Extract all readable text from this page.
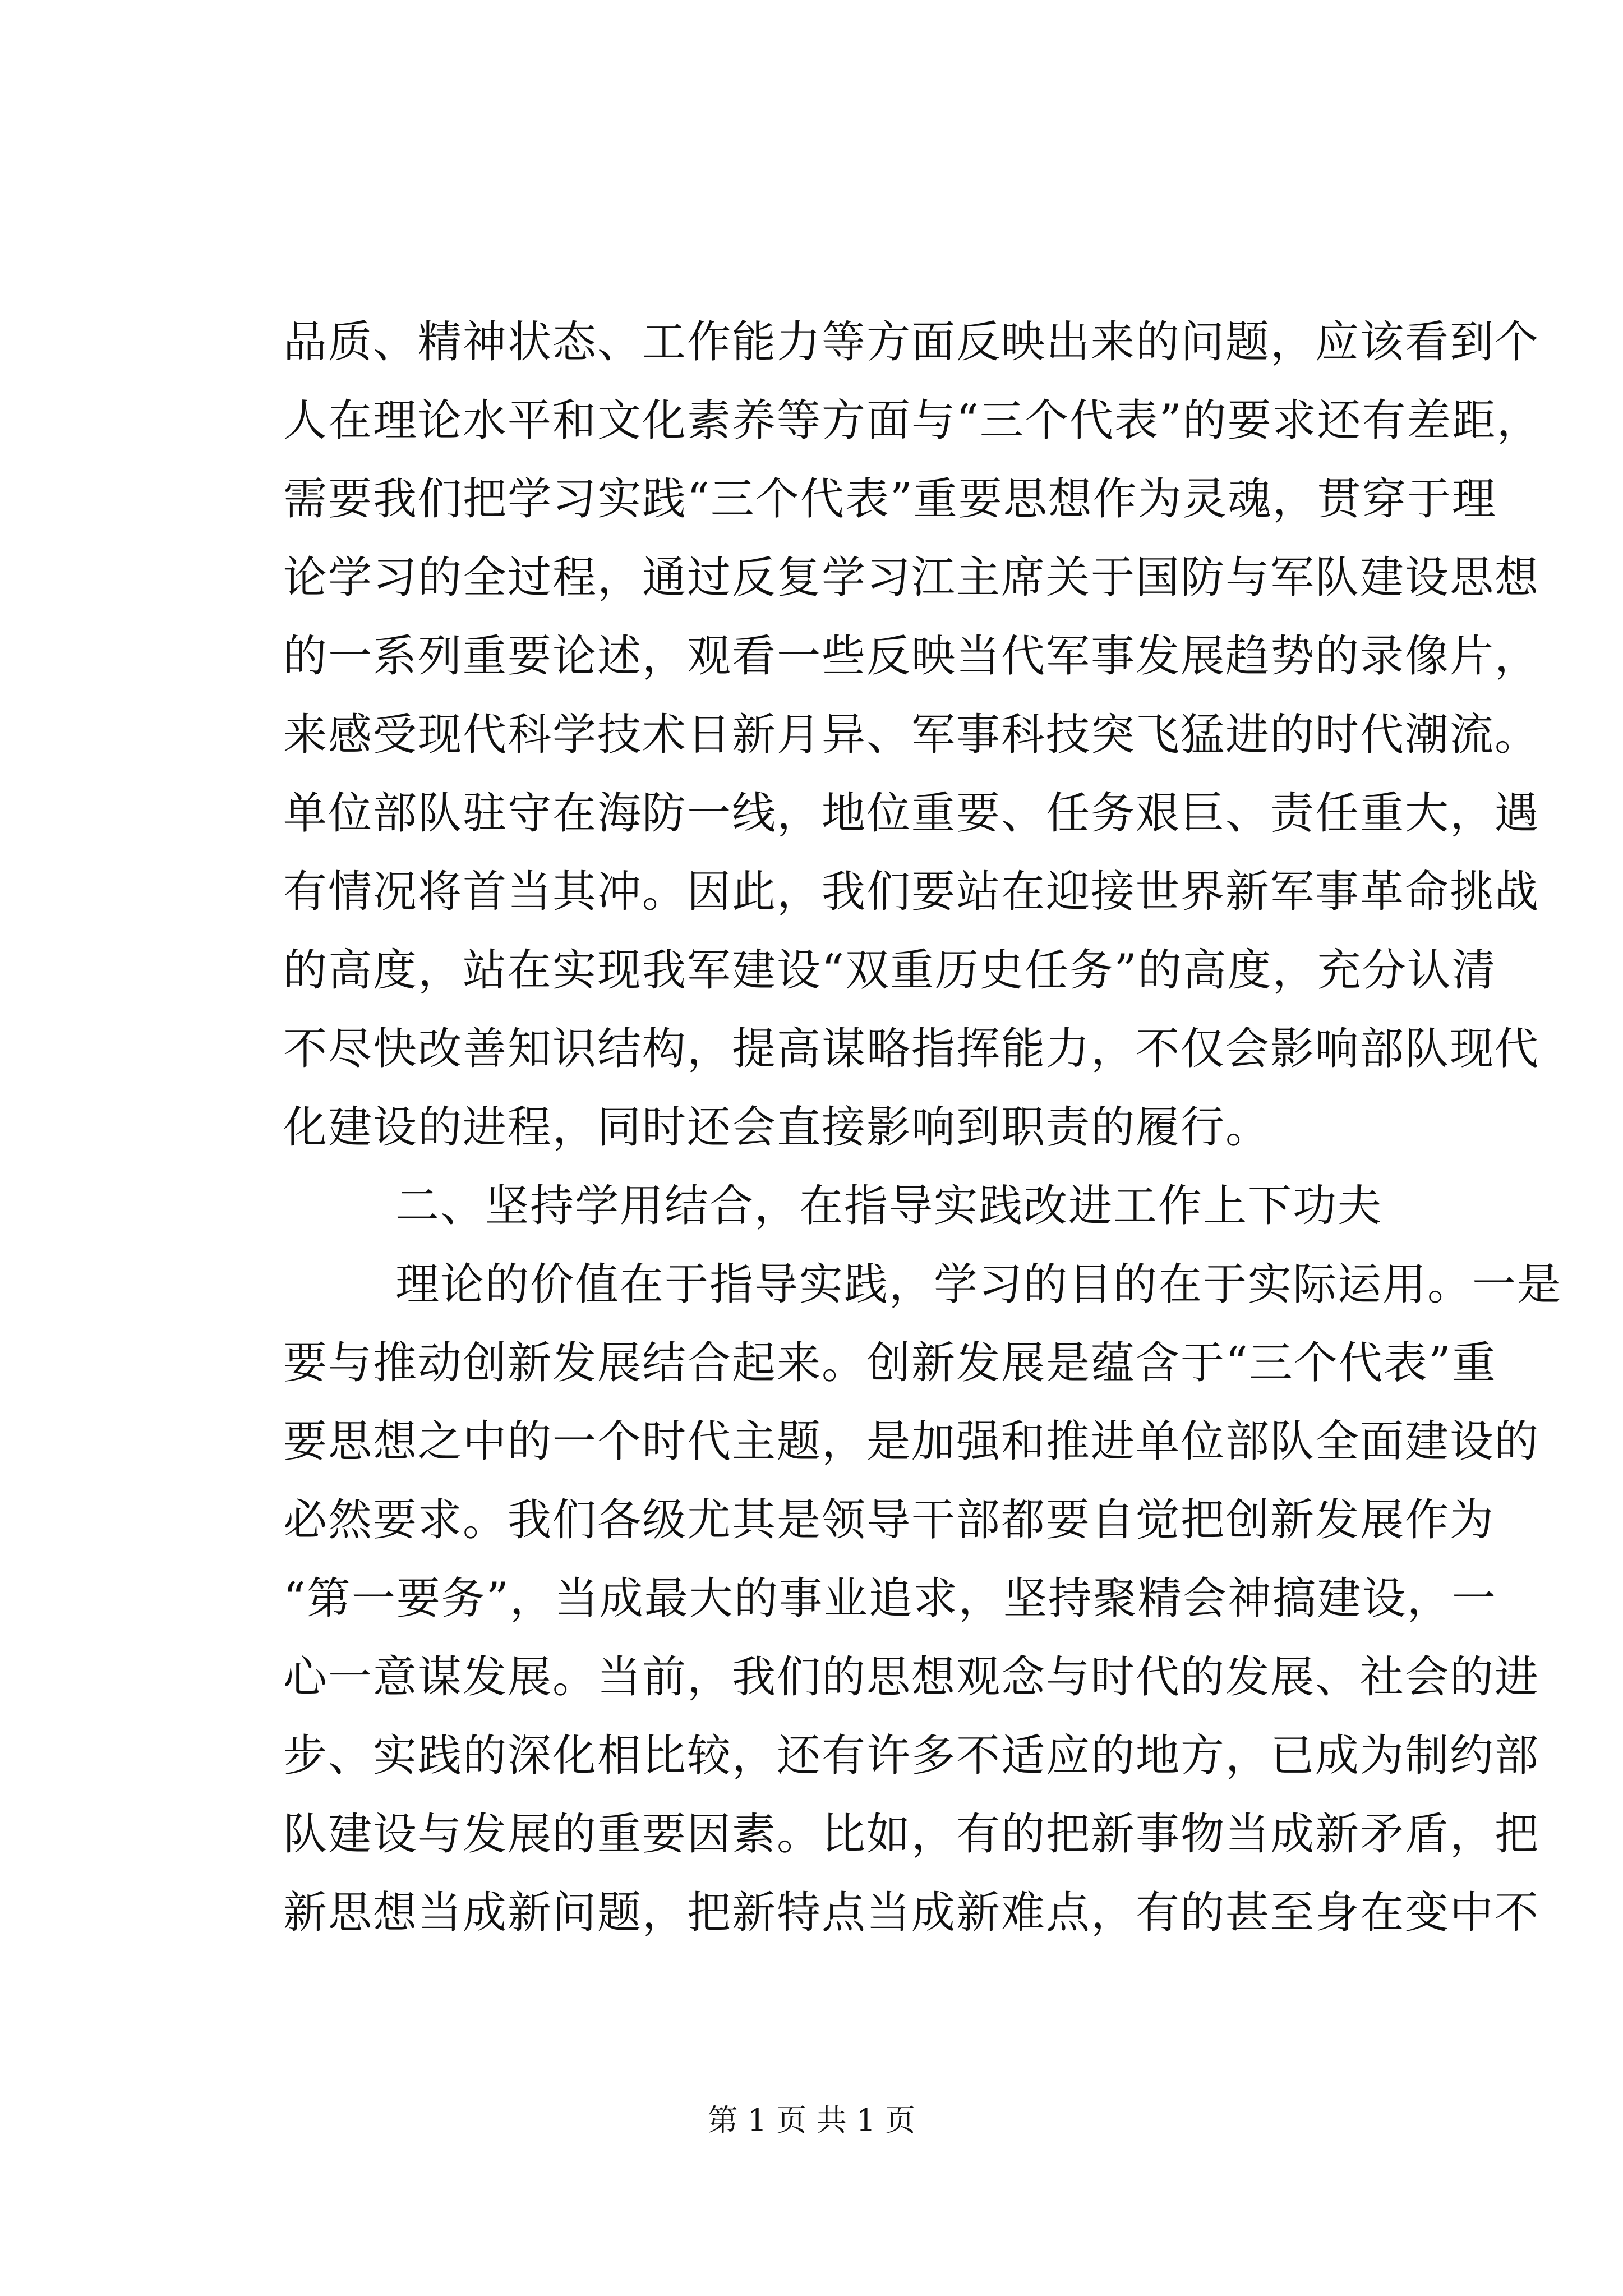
品质、精神状态、工作能力等方面反映出来的问题，应该看到个
人在理论水平和文化素养等方面与“三个代表”的要求还有差距，
需要我们把学习实践“三个代表”重要思想作为灵魂，贯穿于理
论学习的全过程，通过反复学习江主席关于国防与军队建设思想
的一系列重要论述，观看一些反映当代军事发展趋势的录像片，
来感受现代科学技术日新月异、军事科技突飞猛进的时代潮流。
单位部队驻守在海防一线，地位重要、任务艰巨、责任重大，遇
有情况将首当其冲。因此，我们要站在迎接世界新军事革命挑战
的高度，站在实现我军建设“双重历史任务”的高度，充分认清
不尽快改善知识结构，提高谋略指挥能力，不仅会影响部队现代
化建设的进程，同时还会直接影响到职责的履行。
二、坚持学用结合，在指导实践改进工作上下功夫
理论的价值在于指导实践，学习的目的在于实际运用。一是
要与推动创新发展结合起来。创新发展是蕴含于“三个代表”重
要思想之中的一个时代主题，是加强和推进单位部队全面建设的
必然要求。我们各级尤其是领导干部都要自觉把创新发展作为
“第一要务”，当成最大的事业追求，坚持聚精会神搞建设，一
心一意谋发展。当前，我们的思想观念与时代的发展、社会的进
步、实践的深化相比较，还有许多不适应的地方，已成为制约部
队建设与发展的重要因素。比如，有的把新事物当成新矛盾，把
新思想当成新问题，把新特点当成新难点，有的甚至身在变中不
第 1 页 共 1 页
